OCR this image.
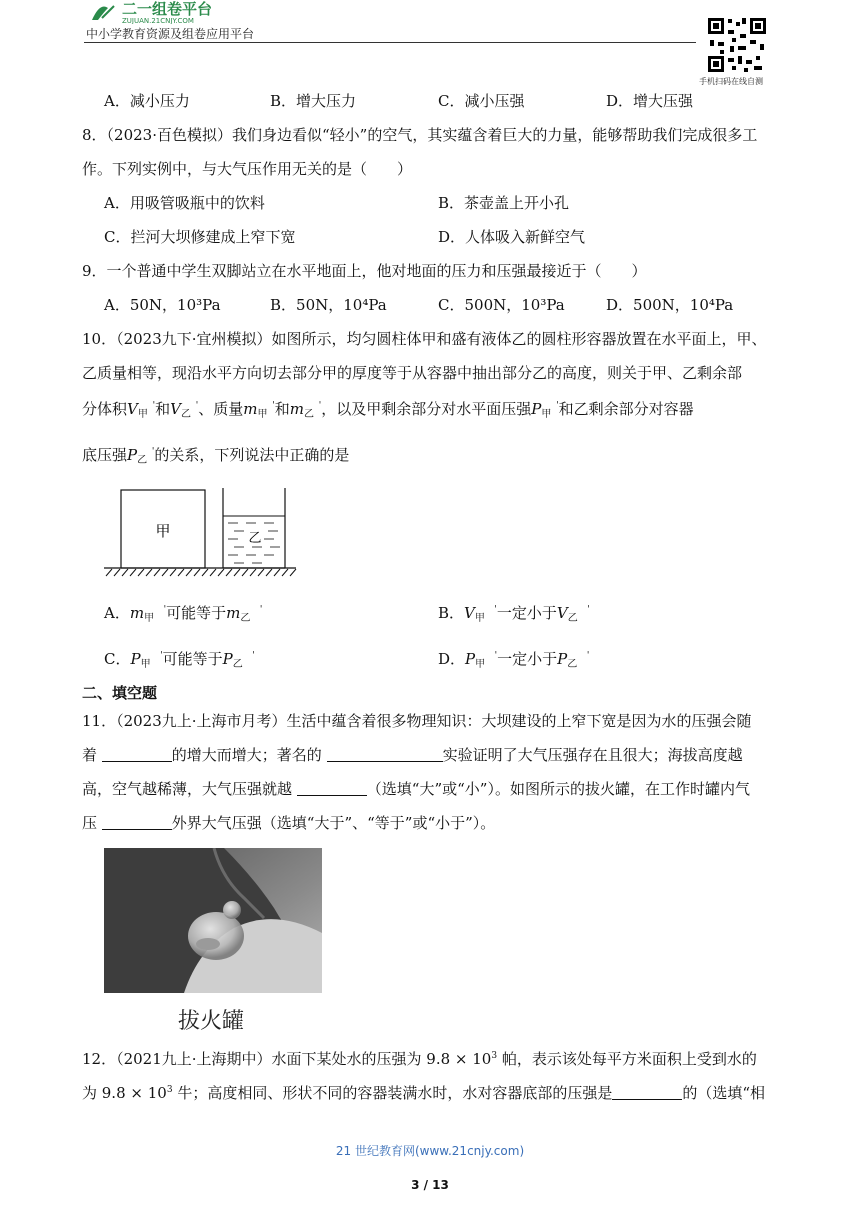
二一组卷平台
ZUJUAN.21CNJY.COM
中小学教育资源及组卷应用平台
手机扫码在线自测
A．减小压力	B．增大压力	C．减小压强	D．增大压强
8．（2023·百色模拟）我们身边看似“轻小”的空气，其实蕴含着巨大的力量，能够帮助我们完成很多工
作。下列实例中，与大气压作用无关的是（　　）
A．用吸管吸瓶中的饮料	B．茶壶盖上开小孔
C．拦河大坝修建成上窄下宽	D．人体吸入新鲜空气
9．一个普通中学生双脚站立在水平地面上，他对地面的压力和压强最接近于（　　）
A．50N，10³Pa	B．50N，10⁴Pa	C．500N，10³Pa	D．500N，10⁴Pa
10．（2023九下·宜州模拟）如图所示，均匀圆柱体甲和盛有液体乙的圆柱形容器放置在水平面上，甲、
乙质量相等，现沿水平方向切去部分甲的厚度等于从容器中抽出部分乙的高度，则关于甲、乙剩余部
分体积$V_甲$ '和$V_乙$ '、质量$m_甲$ '和$m_乙$ '，以及甲剩余部分对水平面压强$P_甲$ '和乙剩余部分对容器
底压强$P_乙$ '的关系，下列说法中正确的是
甲	乙
A．$m_甲$  '可能等于$m_乙$  '	B．$V_甲$  '一定小于$V_乙$  '
C．$P_甲$  '可能等于$P_乙$  '	D．$P_甲$  '一定小于$P_乙$  '
二、填空题
11．（2023九上·上海市月考）生活中蕴含着很多物理知识：大坝建设的上窄下宽是因为水的压强会随
着	的增大而增大；著名的	实验证明了大气压强存在且很大；海拔高度越
高，空气越稀薄，大气压强就越	（选填“大”或“小”）。如图所示的拔火罐，在工作时罐内气
压	外界大气压强（选填“大于”、“等于”或“小于”）。
拔火罐
12．（2021九上·上海期中）水面下某处水的压强为 $9.8 \times 10^3$ 帕，表示该处每平方米面积上受到水的
为 $9.8 \times 10^3$ 牛；高度相同、形状不同的容器装满水时，水对容器底部的压强是	的（选填“相
21 世纪教育网(www.21cnjy.com)
3 / 13
